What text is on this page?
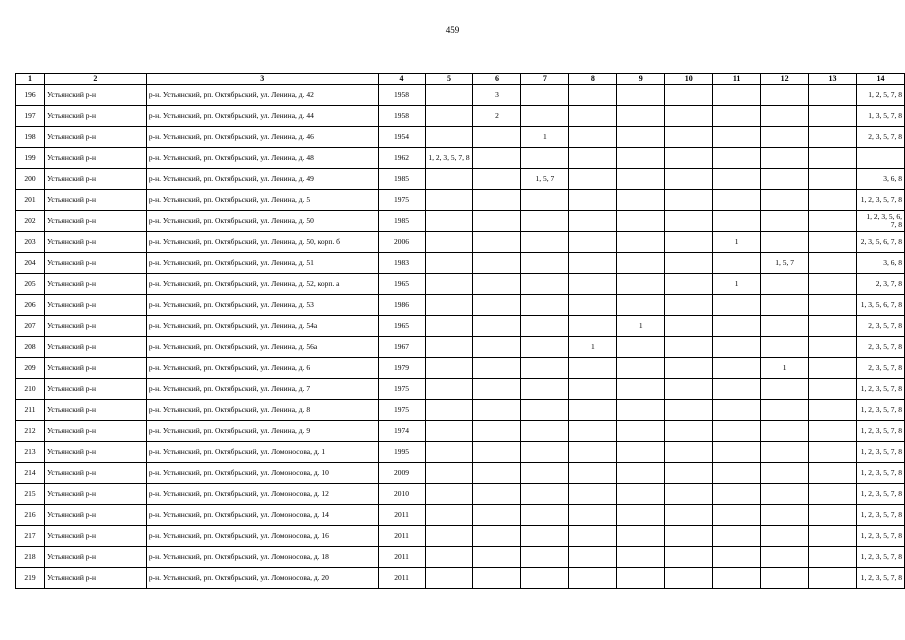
459
1	2	3	4	5	6	7	8	9	10	11	12	13	14
196	Устьянский р-н	р-н. Устьянский, рп. Октябрьский, ул. Ленина, д. 42	1958		3								1, 2, 5, 7, 8
197	Устьянский р-н	р-н. Устьянский, рп. Октябрьский, ул. Ленина, д. 44	1958		2								1, 3, 5, 7, 8
198	Устьянский р-н	р-н. Устьянский, рп. Октябрьский, ул. Ленина, д. 46	1954			1							2, 3, 5, 7, 8
199	Устьянский р-н	р-н. Устьянский, рп. Октябрьский, ул. Ленина, д. 48	1962	1, 2, 3, 5, 7, 8									
200	Устьянский р-н	р-н. Устьянский, рп. Октябрьский, ул. Ленина, д. 49	1985			1, 5, 7							3, 6, 8
201	Устьянский р-н	р-н. Устьянский, рп. Октябрьский, ул. Ленина, д. 5	1975										1, 2, 3, 5, 7, 8
202	Устьянский р-н	р-н. Устьянский, рп. Октябрьский, ул. Ленина, д. 50	1985										1, 2, 3, 5, 6, 7, 8
203	Устьянский р-н	р-н. Устьянский, рп. Октябрьский, ул. Ленина, д. 50, корп. б	2006							1			2, 3, 5, 6, 7, 8
204	Устьянский р-н	р-н. Устьянский, рп. Октябрьский, ул. Ленина, д. 51	1983								1, 5, 7		3, 6, 8
205	Устьянский р-н	р-н. Устьянский, рп. Октябрьский, ул. Ленина, д. 52, корп. а	1965							1			2, 3, 7, 8
206	Устьянский р-н	р-н. Устьянский, рп. Октябрьский, ул. Ленина, д. 53	1986										1, 3, 5, 6, 7, 8
207	Устьянский р-н	р-н. Устьянский, рп. Октябрьский, ул. Ленина, д. 54а	1965					1					2, 3, 5, 7, 8
208	Устьянский р-н	р-н. Устьянский, рп. Октябрьский, ул. Ленина, д. 56а	1967				1						2, 3, 5, 7, 8
209	Устьянский р-н	р-н. Устьянский, рп. Октябрьский, ул. Ленина, д. 6	1979								1		2, 3, 5, 7, 8
210	Устьянский р-н	р-н. Устьянский, рп. Октябрьский, ул. Ленина, д. 7	1975										1, 2, 3, 5, 7, 8
211	Устьянский р-н	р-н. Устьянский, рп. Октябрьский, ул. Ленина, д. 8	1975										1, 2, 3, 5, 7, 8
212	Устьянский р-н	р-н. Устьянский, рп. Октябрьский, ул. Ленина, д. 9	1974										1, 2, 3, 5, 7, 8
213	Устьянский р-н	р-н. Устьянский, рп. Октябрьский, ул. Ломоносова, д. 1	1995										1, 2, 3, 5, 7, 8
214	Устьянский р-н	р-н. Устьянский, рп. Октябрьский, ул. Ломоносова, д. 10	2009										1, 2, 3, 5, 7, 8
215	Устьянский р-н	р-н. Устьянский, рп. Октябрьский, ул. Ломоносова, д. 12	2010										1, 2, 3, 5, 7, 8
216	Устьянский р-н	р-н. Устьянский, рп. Октябрьский, ул. Ломоносова, д. 14	2011										1, 2, 3, 5, 7, 8
217	Устьянский р-н	р-н. Устьянский, рп. Октябрьский, ул. Ломоносова, д. 16	2011										1, 2, 3, 5, 7, 8
218	Устьянский р-н	р-н. Устьянский, рп. Октябрьский, ул. Ломоносова, д. 18	2011										1, 2, 3, 5, 7, 8
219	Устьянский р-н	р-н. Устьянский, рп. Октябрьский, ул. Ломоносова, д. 20	2011										1, 2, 3, 5, 7, 8
